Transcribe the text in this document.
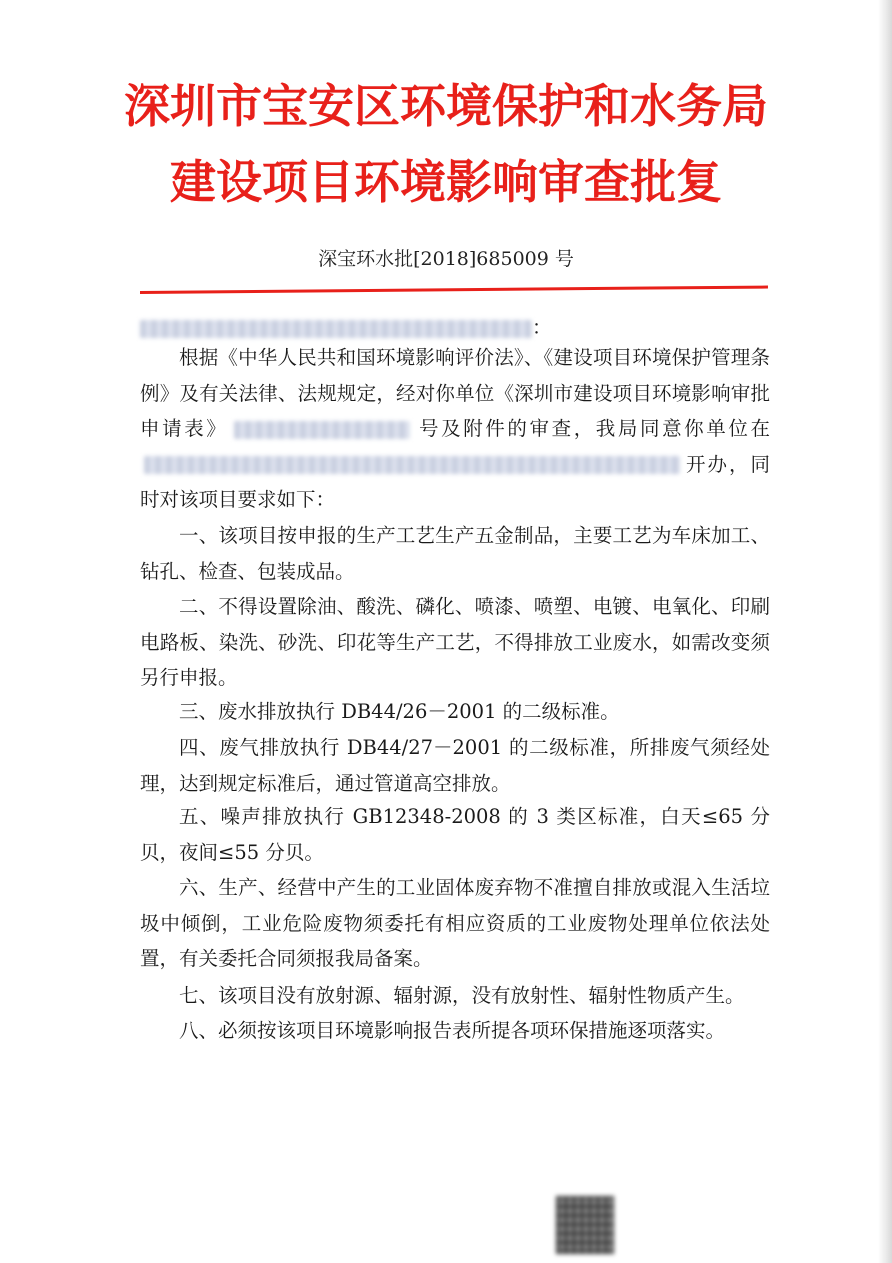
深圳市宝安区环境保护和水务局
建设项目环境影响审查批复
深宝环水批[2018]685009 号
：
根据《中华人民共和国环境影响评价法》、《建设项目环境保护管理条例》及有关法律、法规规定，经对你单位《深圳市建设项目环境影响审批申请表》	号及附件的审查，我局同意你单位在开办，同时对该项目要求如下：
一、该项目按申报的生产工艺生产五金制品，主要工艺为车床加工、钻孔、检查、包装成品。
二、不得设置除油、酸洗、磷化、喷漆、喷塑、电镀、电氧化、印刷电路板、染洗、砂洗、印花等生产工艺，不得排放工业废水，如需改变须另行申报。
三、废水排放执行 DB44/26－2001 的二级标准。
四、废气排放执行 DB44/27－2001 的二级标准，所排废气须经处理，达到规定标准后，通过管道高空排放。
五、噪声排放执行 GB12348-2008 的 3 类区标准，白天≤65 分贝，夜间≤55 分贝。
六、生产、经营中产生的工业固体废弃物不准擅自排放或混入生活垃圾中倾倒，工业危险废物须委托有相应资质的工业废物处理单位依法处置，有关委托合同须报我局备案。
七、该项目没有放射源、辐射源，没有放射性、辐射性物质产生。
八、必须按该项目环境影响报告表所提各项环保措施逐项落实。
